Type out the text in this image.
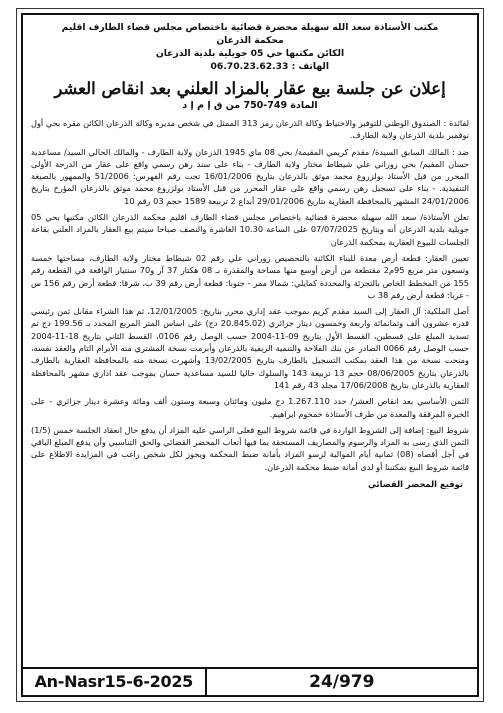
مكتب الأستاذة سعد الله سهيلة محضرة قضائية باختصاص مجلس قضاء الطارف اقليم
محكمة الذرعان
الكائن مكتبها حي 05 جويلية بلدية الذرعان
الهاتف : 06.70.23.62.33
إعلان عن جلسة بيع عقار بالمزاد العلني بعد انقاص العشر
المادة 749-750 من ق إ م إ د

لفائدة : الصندوق الوطني للتوفير والاحتياط وكالة الذرعان رمز 313 الممثل في شخص مديره وكالة الذرعان الكائن مقره بحي أول نوفمبر بلدية الذرعان ولاية الطارف.

ضد : المالك السابق السيدة/ مقدم كريمي المقيمة/ بحي 08 ماي 1945 الذرعان ولاية الطارف - والمالك الحالي السيد/ مساعدية حسان المقيم/ بحي زوراني علي شيطاط مختار ولاية الطارف - بناء على سند رهن رسمي واقع على عقار من الدرجة الأولى المحرر من قبل الأستاذ بولزروع محمد موثق بالذرعان بتاريخ 16/01/2006 تحت رقم الفهرس: 51/2006 والممهور بالصيغة التنفيذية. - بناء على تسجيل رهن رسمي واقع على عقار المحرر من قبل الأستاذ بولزروع محمد موثق بالذرعان المؤرخ بتاريخ 24/01/2006 المشهر بالمحافظة العقارية بتاريخ 29/01/2006 أبداع 2 تربيعة 1589 حجم 03 رقم 10

تعلن الأستاذة/ سعد الله سهيلة محضرة قضائية باختصاص مجلس قضاء الطارف اقليم محكمة الذرعان الكائن مكتبها بحي 05 جويلية بلدية الذرعان أنه وبتاريخ 07/07/2025 على الساعة 10.30 العاشرة والنصف صباحا سيتم بيع العقار بالمزاد العلني بقاعة الجلسات للبيوع العقارية بمحكمة الذرعان

تعيين العقار: قطعة أرض معدة للبناء الكائنة بالتحصيص زوراني علي رقم 02 شيطاط مختار ولاية الطارف، مساحتها خمسة وتسعون متر مربع 95م2 مقتطعة من أرض أوسع منها مساحة والمقدرة بـ 08 هكتار 37 آر و70 سنتيار الواقعة في القطعة رقم 155 من المخطط الخاص بالتجزئة والمحددة كمايلي: شمالا ممر - جنوبا: قطعة أرض رقم 39 ب، شرقا: قطعة أرض رقم 156 س - غربا: قطعة أرض رقم 38 ب

أصل الملكية: آل العقار إلى السيد مقدم كريم بموجب عقد إداري محرر بتاريخ: 12/01/2005، ثم هذا الشراء مقابل ثمن رئيسي قدره عشرون ألف وثمانمائة واربعة وخمسون دينار جزائري (20.845.02 دج) على اساس المتر المربع المحدد بـ 199.56 دج تم تسديد المبلغ على قسطين، القسط الأول بتاريخ 09-11-2004 حسب الوصل رقم 0106، القسط الثاني بتاريخ 18-11-2004 حسب الوصل رقم 0066 الصادر عن بنك الفلاحة والتنمية الريفية بالذرعان وأبرمت نسخة المشتري منه الأبرام التام والعقد نفسه، ومنحت نسخة من هذا العقد بمكتب التسجيل بالطارف بتاريخ 13/02/2005 وأشهرت نسخة منه بالمحافظة العقارية بالطارف بالذرعان بتاريخ 08/06/2005 حجم 13 تربيعة 143 والسلوك حاليا للسيد مساعدية حسان بموجب عقد اداري مشهر بالمحافظة العقارية بالذرعان بتاريخ 17/06/2008 مجلد 43 رقم 141

الثمن الأساسي بعد انقاص العشر/ حدد 1.267.110 دج مليون ومائتان وسبعة وستون ألف ومائة وعشرة دينار جزائري - على الخبرة المرفقة والمعدة من طرف الأستاذة خمخوم ابراهيم.

شروط البيع: إضافة إلى الشروط الواردة في قائمة شروط البيع فعلى الراسي عليه المزاد أن يدفع حال انعقاد الجلسة خمس (1/5) الثمن الذي رسى به المزاد والرسوم والمصاريف المستحقة بما فيها أتعاب المحضر القضائي والحق التناسبي وأن يدفع المبلغ الباقي في أجل أقصاه (08) ثمانية أيام الموالية لرسو المزاد بأمانة ضبط المحكمة ويجوز لكل شخص راغب في المزايدة الاطلاع على قائمة شروط البيع بمكتبنا أو لدى أمانة ضبط محكمة الذرعان.

توقيع المحضر القضائي
An-Nasr15-6-2025	24/979
